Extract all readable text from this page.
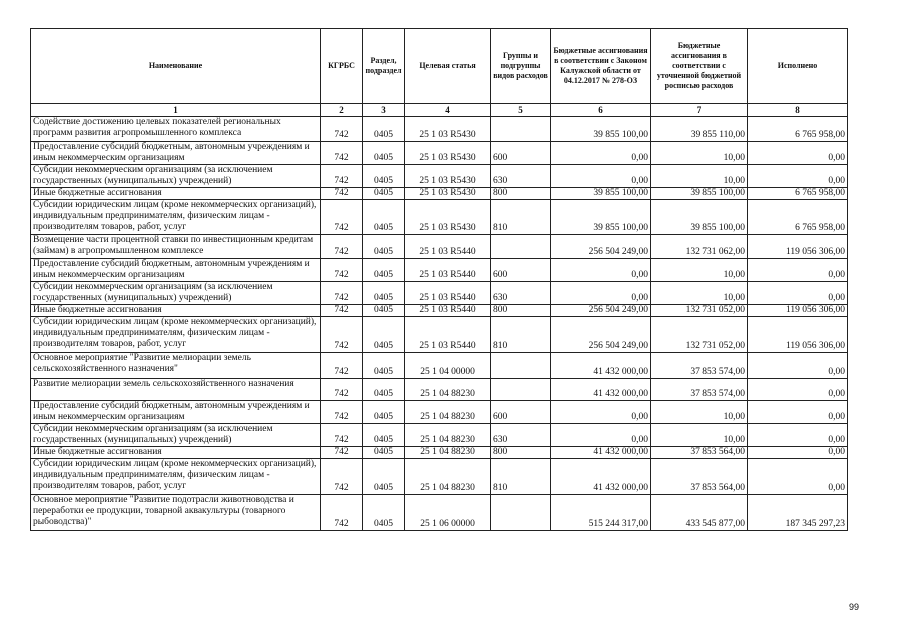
Наименование	КГРБС	Раздел, подраздел	Целевая статья	Группы и подгруппы видов расходов	Бюджетные ассигнования в соответствии с Законом Калужской области от 04.12.2017 № 278-ОЗ	Бюджетные ассигнования в соответствии с уточненной бюджетной росписью расходов	Исполнено
1	2	3	4	5	6	7	8
Содействие достижению целевых показателей региональных программ развития агропромышленного комплекса	742	0405	25 1 03 R5430		39 855 100,00	39 855 110,00	6 765 958,00
Предоставление субсидий бюджетным, автономным учреждениям и иным некоммерческим организациям	742	0405	25 1 03 R5430	600	0,00	10,00	0,00
Субсидии некоммерческим организациям (за исключением государственных (муниципальных) учреждений)	742	0405	25 1 03 R5430	630	0,00	10,00	0,00
Иные бюджетные ассигнования	742	0405	25 1 03 R5430	800	39 855 100,00	39 855 100,00	6 765 958,00
Субсидии юридическим лицам (кроме некоммерческих организаций), индивидуальным предпринимателям, физическим лицам - производителям товаров, работ, услуг	742	0405	25 1 03 R5430	810	39 855 100,00	39 855 100,00	6 765 958,00
Возмещение части процентной ставки по инвестиционным кредитам (займам) в агропромышленном комплексе	742	0405	25 1 03 R5440		256 504 249,00	132 731 062,00	119 056 306,00
Предоставление субсидий бюджетным, автономным учреждениям и иным некоммерческим организациям	742	0405	25 1 03 R5440	600	0,00	10,00	0,00
Субсидии некоммерческим организациям (за исключением государственных (муниципальных) учреждений)	742	0405	25 1 03 R5440	630	0,00	10,00	0,00
Иные бюджетные ассигнования	742	0405	25 1 03 R5440	800	256 504 249,00	132 731 052,00	119 056 306,00
Субсидии юридическим лицам (кроме некоммерческих организаций), индивидуальным предпринимателям, физическим лицам - производителям товаров, работ, услуг	742	0405	25 1 03 R5440	810	256 504 249,00	132 731 052,00	119 056 306,00
Основное мероприятие "Развитие мелиорации земель сельскохозяйственного назначения"	742	0405	25 1 04 00000		41 432 000,00	37 853 574,00	0,00
Развитие мелиорации земель сельскохозяйственного назначения	742	0405	25 1 04 88230		41 432 000,00	37 853 574,00	0,00
Предоставление субсидий бюджетным, автономным учреждениям и иным некоммерческим организациям	742	0405	25 1 04 88230	600	0,00	10,00	0,00
Субсидии некоммерческим организациям (за исключением государственных (муниципальных) учреждений)	742	0405	25 1 04 88230	630	0,00	10,00	0,00
Иные бюджетные ассигнования	742	0405	25 1 04 88230	800	41 432 000,00	37 853 564,00	0,00
Субсидии юридическим лицам (кроме некоммерческих организаций), индивидуальным предпринимателям, физическим лицам - производителям товаров, работ, услуг	742	0405	25 1 04 88230	810	41 432 000,00	37 853 564,00	0,00
Основное мероприятие "Развитие подотрасли животноводства и переработки ее продукции, товарной аквакультуры (товарного рыбоводства)"	742	0405	25 1 06 00000		515 244 317,00	433 545 877,00	187 345 297,23
99
